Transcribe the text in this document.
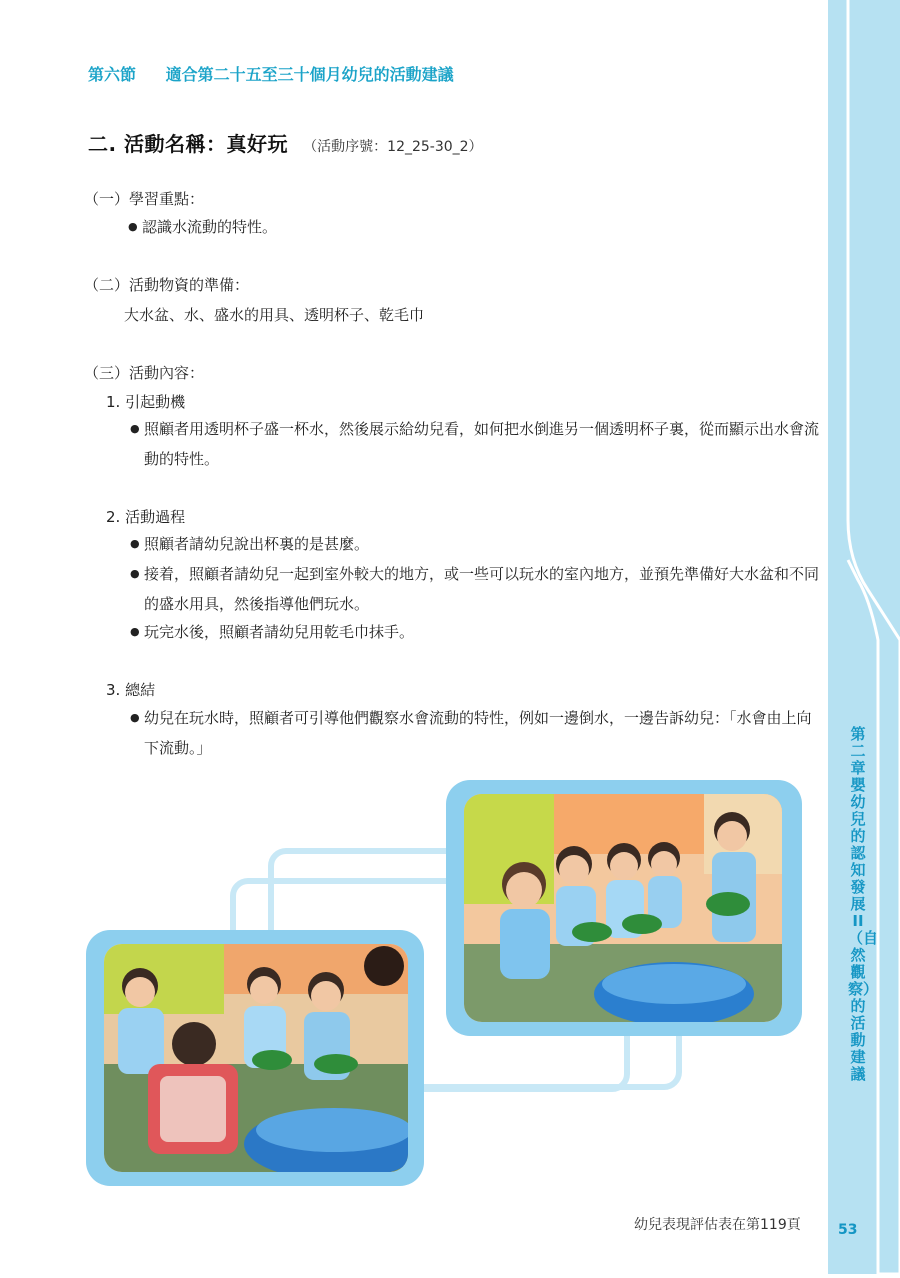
第六節 適合第二十五至三十個月幼兒的活動建議
二. 活動名稱：真好玩 （活動序號：12_25-30_2）
（一）學習重點：
● 認識水流動的特性。
（二）活動物資的準備：
大水盆、水、盛水的用具、透明杯子、乾毛巾
（三）活動內容：
1. 引起動機
● 照顧者用透明杯子盛一杯水，然後展示給幼兒看，如何把水倒進另一個透明杯子裏，從而顯示出水會流動的特性。
2. 活動過程
● 照顧者請幼兒說出杯裏的是甚麼。
● 接着，照顧者請幼兒一起到室外較大的地方，或一些可以玩水的室內地方，並預先準備好大水盆和不同的盛水用具，然後指導他們玩水。
● 玩完水後，照顧者請幼兒用乾毛巾抹手。
3. 總結
● 幼兒在玩水時，照顧者可引導他們觀察水會流動的特性，例如一邊倒水，一邊告訴幼兒：「水會由上向下流動。」
第二章 嬰幼兒的認知發展II（自然觀察）的活動建議
幼兒表現評估表在第119頁	53
